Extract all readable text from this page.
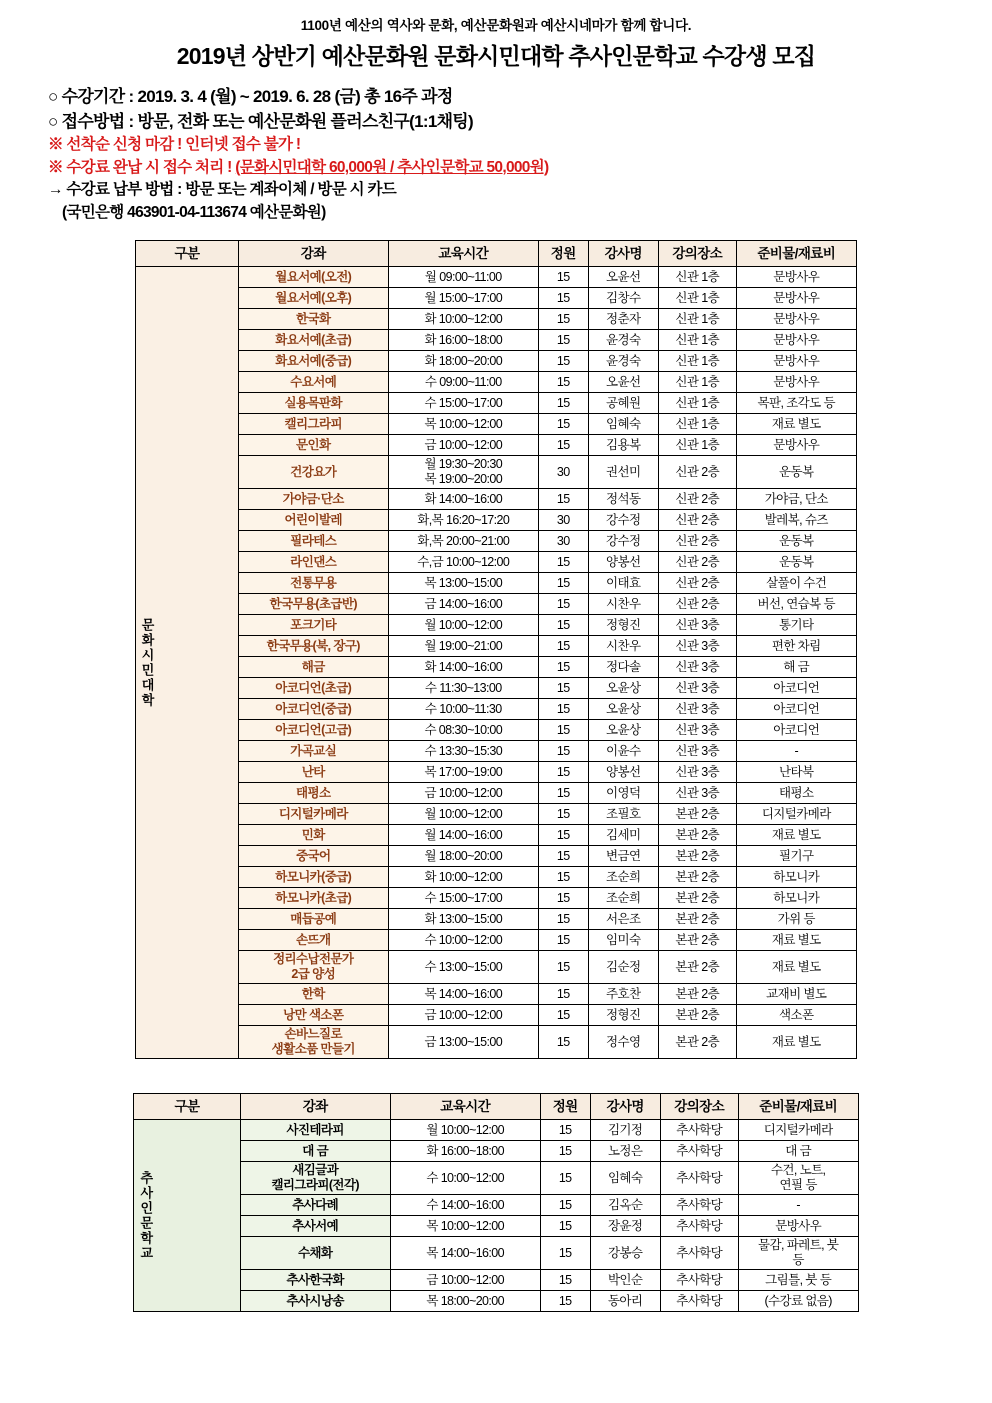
1100년 예산의 역사와 문화, 예산문화원과 예산시네마가 함께 합니다.
2019년 상반기 예산문화원 문화시민대학 추사인문학교 수강생 모집
○ 수강기간 : 2019. 3. 4 (월) ~ 2019. 6. 28 (금) 총 16주 과정
○ 접수방법 : 방문, 전화 또는 예산문화원 플러스친구(1:1채팅)
※ 선착순 신청 마감 ! 인터넷 접수 불가 !
※ 수강료 완납 시 접수 처리 ! (문화시민대학 60,000원 / 추사인문학교 50,000원)
→ 수강료 납부 방법 : 방문 또는 계좌이체 / 방문 시 카드
(국민은행 463901-04-113674 예산문화원)
구분	강좌	교육시간	정원	강사명	강의장소	준비물/재료비

문화시민대학	월요서예(오전)	월 09:00~11:00	15	오윤선	신관 1층	문방사우
	월요서예(오후)	월 15:00~17:00	15	김창수	신관 1층	문방사우
	한국화	화 10:00~12:00	15	정춘자	신관 1층	문방사우
	화요서예(초급)	화 16:00~18:00	15	윤경숙	신관 1층	문방사우
	화요서예(중급)	화 18:00~20:00	15	윤경숙	신관 1층	문방사우
	수요서예	수 09:00~11:00	15	오윤선	신관 1층	문방사우
	실용목판화	수 15:00~17:00	15	공혜원	신관 1층	목판, 조각도 등
	캘리그라피	목 10:00~12:00	15	임혜숙	신관 1층	재료 별도
	문인화	금 10:00~12:00	15	김용복	신관 1층	문방사우
	건강요가	월 19:30~20:30
목 19:00~20:00	30	권선미	신관 2층	운동복
	가야금·단소	화 14:00~16:00	15	정석동	신관 2층	가야금, 단소
	어린이발레	화,목 16:20~17:20	30	강수정	신관 2층	발레복, 슈즈
	필라테스	화,목 20:00~21:00	30	강수정	신관 2층	운동복
	라인댄스	수,금 10:00~12:00	15	양봉선	신관 2층	운동복
	전통무용	목 13:00~15:00	15	이태효	신관 2층	살풀이 수건
	한국무용(초급반)	금 14:00~16:00	15	시찬우	신관 2층	버선, 연습복 등
	포크기타	월 10:00~12:00	15	정형진	신관 3층	통기타
	한국무용(북, 장구)	월 19:00~21:00	15	시찬우	신관 3층	편한 차림
	해금	화 14:00~16:00	15	정다솔	신관 3층	해 금
	아코디언(초급)	수 11:30~13:00	15	오윤상	신관 3층	아코디언
	아코디언(중급)	수 10:00~11:30	15	오윤상	신관 3층	아코디언
	아코디언(고급)	수 08:30~10:00	15	오윤상	신관 3층	아코디언
	가곡교실	수 13:30~15:30	15	이윤수	신관 3층	-
	난타	목 17:00~19:00	15	양봉선	신관 3층	난타북
	태평소	금 10:00~12:00	15	이영덕	신관 3층	태평소
	디지털카메라	월 10:00~12:00	15	조필호	본관 2층	디지털카메라
	민화	월 14:00~16:00	15	김세미	본관 2층	재료 별도
	중국어	월 18:00~20:00	15	변금연	본관 2층	필기구
	하모니카(중급)	화 10:00~12:00	15	조순희	본관 2층	하모니카
	하모니카(초급)	수 15:00~17:00	15	조순희	본관 2층	하모니카
	매듭공예	화 13:00~15:00	15	서은조	본관 2층	가위 등
	손뜨개	수 10:00~12:00	15	임미숙	본관 2층	재료 별도
	정리수납전문가
2급 양성	수 13:00~15:00	15	김순정	본관 2층	재료 별도
	한학	목 14:00~16:00	15	주호찬	본관 2층	교재비 별도
	낭만 색소폰	금 10:00~12:00	15	정형진	본관 2층	색소폰
	손바느질로
생활소품 만들기	금 13:00~15:00	15	정수영	본관 2층	재료 별도
구분	강좌	교육시간	정원	강사명	강의장소	준비물/재료비

추사인문학교	사진테라피	월 10:00~12:00	15	김기정	추사학당	디지털카메라
	대 금	화 16:00~18:00	15	노정은	추사학당	대 금
	새김글과
캘리그라피(전각)	수 10:00~12:00	15	임혜숙	추사학당	수건, 노트,
연필 등
	추사다례	수 14:00~16:00	15	김옥순	추사학당	-
	추사서예	목 10:00~12:00	15	장윤정	추사학당	문방사우
	수채화	목 14:00~16:00	15	강봉승	추사학당	물감, 파레트, 붓
등
	추사한국화	금 10:00~12:00	15	박인순	추사학당	그림틀, 붓 등
	추사시낭송	목 18:00~20:00	15	동아리	추사학당	(수강료 없음)
